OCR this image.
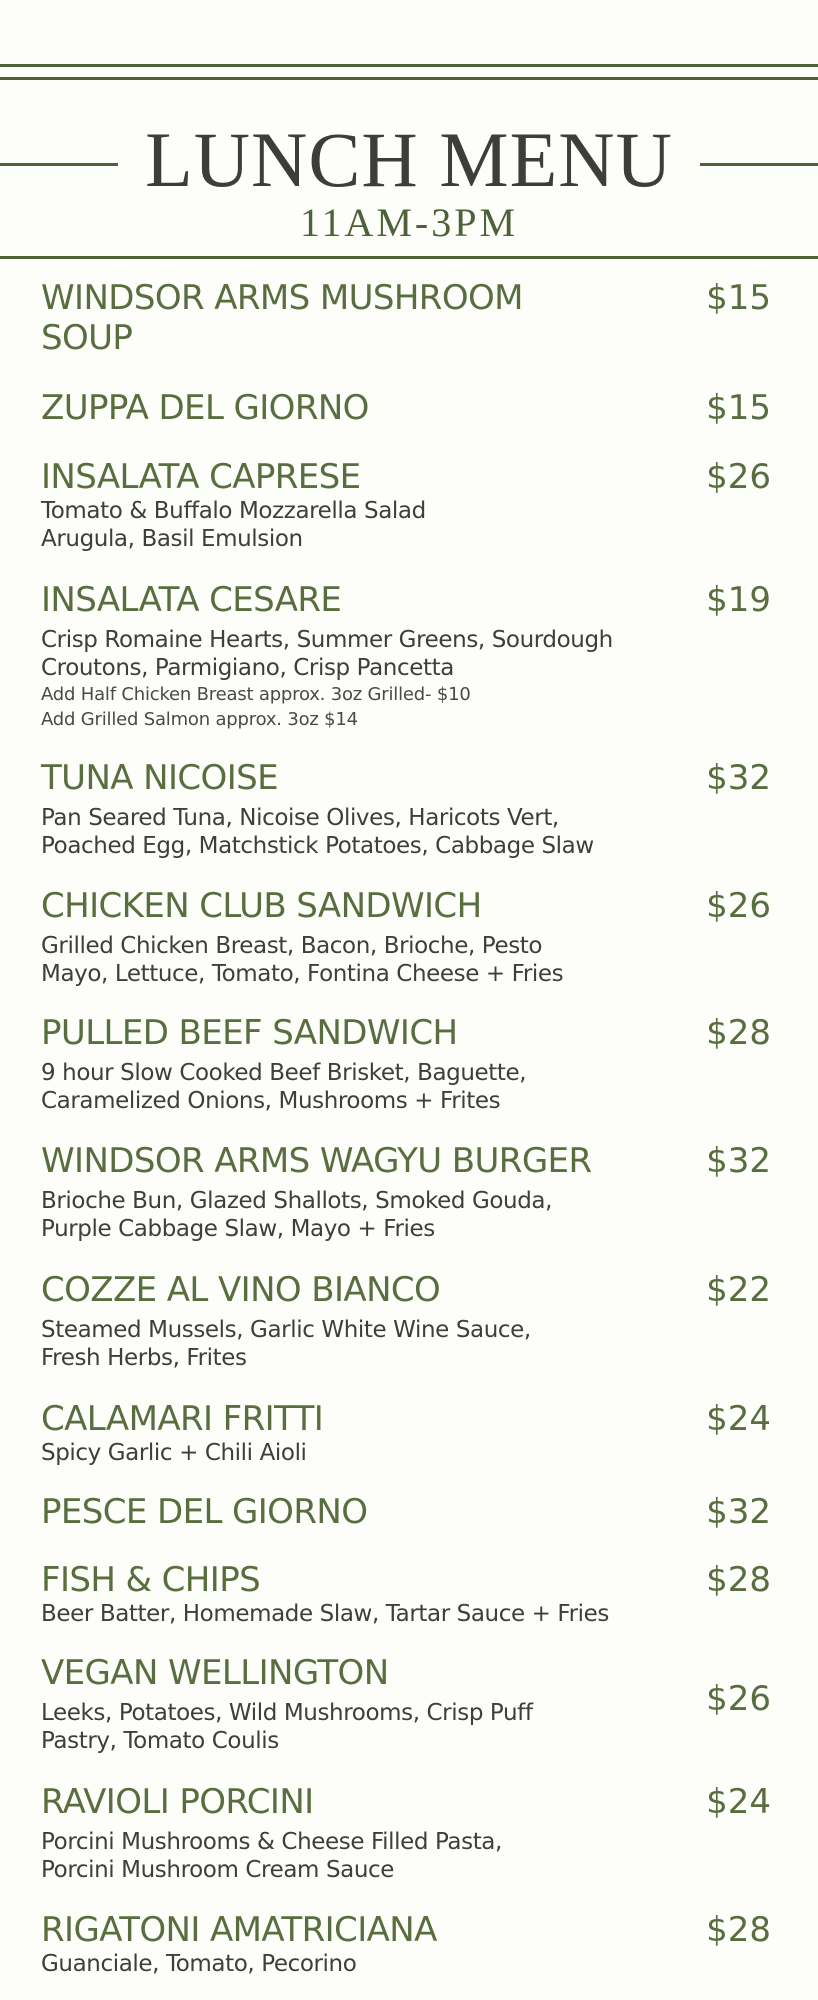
LUNCH MENU
11AM-3PM
WINDSOR ARMS MUSHROOM SOUP
$15
ZUPPA DEL GIORNO	$15
INSALATA CAPRESE	$26
Tomato & Buffalo Mozzarella Salad
Arugula, Basil Emulsion
INSALATA CESARE	$19
Crisp Romaine Hearts, Summer Greens, Sourdough
Croutons, Parmigiano, Crisp Pancetta
Add Half Chicken Breast approx. 3oz Grilled- $10
Add Grilled Salmon approx. 3oz $14
TUNA NICOISE	$32
Pan Seared Tuna, Nicoise Olives, Haricots Vert,
Poached Egg, Matchstick Potatoes, Cabbage Slaw
CHICKEN CLUB SANDWICH	$26
Grilled Chicken Breast, Bacon, Brioche, Pesto
Mayo, Lettuce, Tomato, Fontina Cheese + Fries
PULLED BEEF SANDWICH	$28
9 hour Slow Cooked Beef Brisket, Baguette,
Caramelized Onions, Mushrooms + Frites
WINDSOR ARMS WAGYU BURGER	$32
Brioche Bun, Glazed Shallots, Smoked Gouda,
Purple Cabbage Slaw, Mayo + Fries
COZZE AL VINO BIANCO	$22
Steamed Mussels, Garlic White Wine Sauce,
Fresh Herbs, Frites
CALAMARI FRITTI	$24
Spicy Garlic + Chili Aioli
PESCE DEL GIORNO	$32
FISH & CHIPS	$28
Beer Batter, Homemade Slaw, Tartar Sauce + Fries
VEGAN WELLINGTON
$26
Leeks, Potatoes, Wild Mushrooms, Crisp Puff
Pastry, Tomato Coulis
RAVIOLI PORCINI	$24
Porcini Mushrooms & Cheese Filled Pasta,
Porcini Mushroom Cream Sauce
RIGATONI AMATRICIANA	$28
Guanciale, Tomato, Pecorino
